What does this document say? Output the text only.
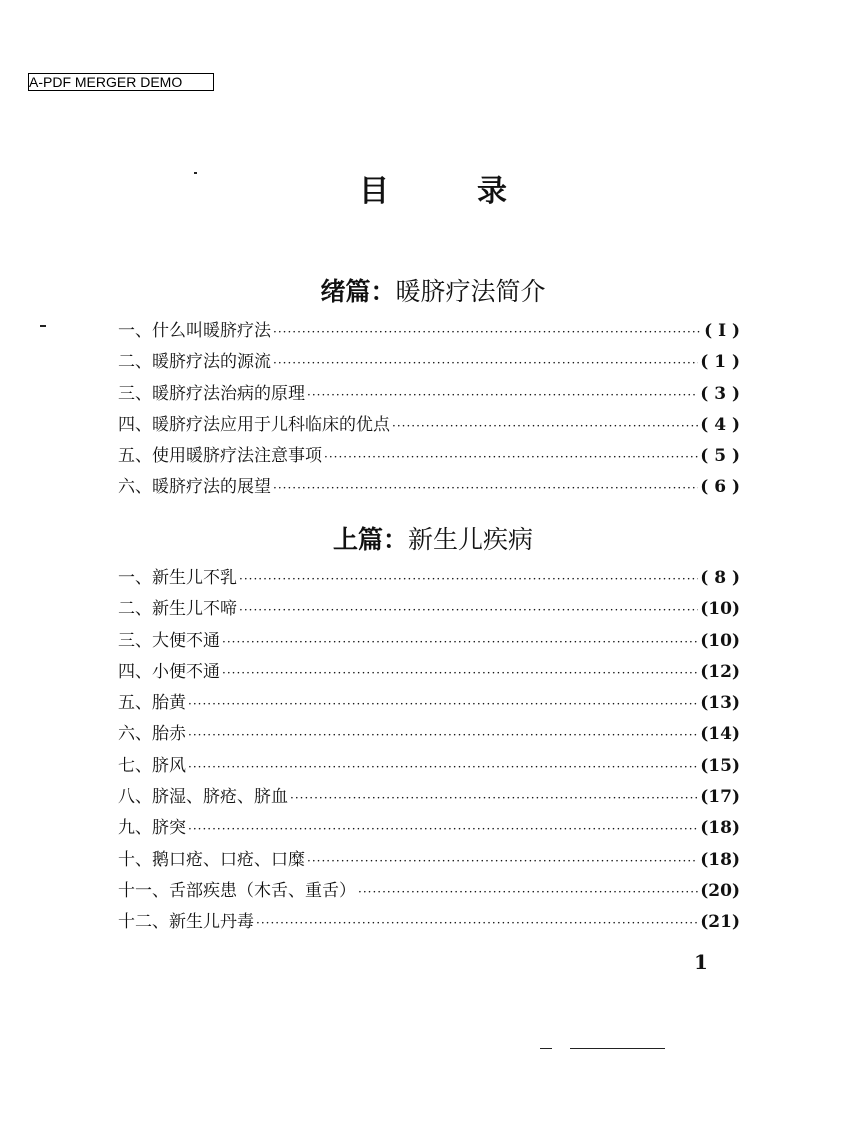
A-PDF MERGER DEMO
目	录
绪篇：暖脐疗法简介
一、什么叫暖脐疗法 ·····	( I )
二、暖脐疗法的源流 ·····	( 1 )
三、暖脐疗法治病的原理 ·····	( 3 )
四、暖脐疗法应用于儿科临床的优点 ·····	( 4 )
五、使用暖脐疗法注意事项 ·····	( 5 )
六、暖脐疗法的展望 ·····	( 6 )
上篇：新生儿疾病
一、新生儿不乳 ·····	( 8 )
二、新生儿不啼 ·····	(10)
三、大便不通 ·····	(10)
四、小便不通 ·····	(12)
五、胎黄 ·····	(13)
六、胎赤 ·····	(14)
七、脐风 ·····	(15)
八、脐湿、脐疮、脐血 ·····	(17)
九、脐突 ·····	(18)
十、鹅口疮、口疮、口糜 ·····	(18)
十一、舌部疾患（木舌、重舌） ·····	(20)
十二、新生儿丹毒 ·····	(21)
1
